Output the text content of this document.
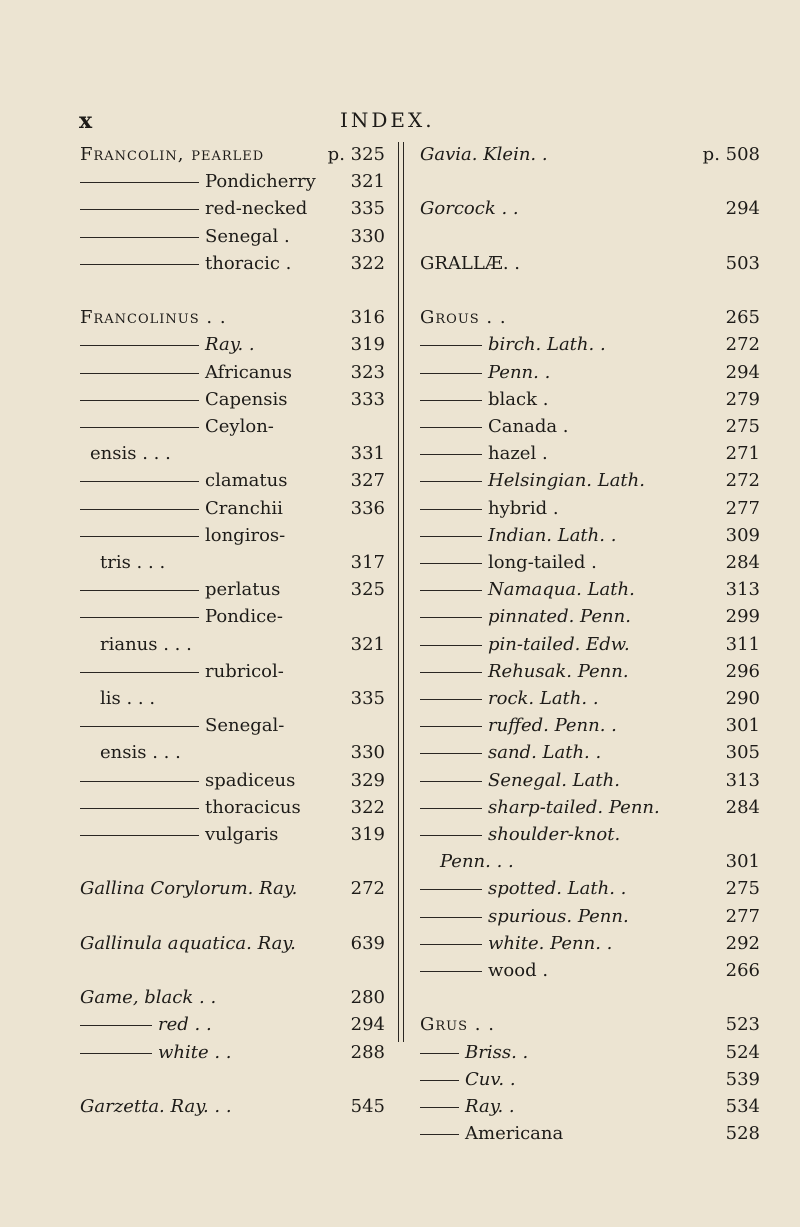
x	INDEX.
Francolin, pearled	p. 325
Pondicherry 321
red-necked 335
Senegal .	330
thoracic .	322
Francolinus . .	316
Ray. .	319
Africanus	323
Capensis	333
Ceylon-
ensis . . .	331
clamatus	327
Cranchii	336
longiros-
tris . . .	317
perlatus	325
Pondice-
rianus . . .	321
rubricol-
lis . . .	335
Senegal-
ensis . . .	330
spadiceus	329
thoracicus	322
vulgaris	319
Gallina Corylorum. Ray.	272
Gallinula aquatica. Ray.	639
Game, black . .	280
red . .	294
white . .	288
Garzetta. Ray. . .	545
Gavia. Klein. .	p. 508
Gorcock . .	294
GRALLÆ. .	503
Grous . .	265
birch. Lath. .	272
Penn. .	294
black .	279
Canada .	275
hazel .	271
Helsingian. Lath.	272
hybrid .	277
Indian. Lath. .	309
long-tailed .	284
Namaqua. Lath.	313
pinnated. Penn.	299
pin-tailed. Edw.	311
Rehusak. Penn.	296
rock. Lath. .	290
ruffed. Penn. .	301
sand. Lath. .	305
Senegal. Lath.	313
sharp-tailed. Penn.	284
shoulder-knot.
Penn. . .	301
spotted. Lath. .	275
spurious. Penn.	277
white. Penn. .	292
wood .	266
Grus . .	523
Briss. .	524
Cuv. .	539
Ray. .	534
Americana	528
